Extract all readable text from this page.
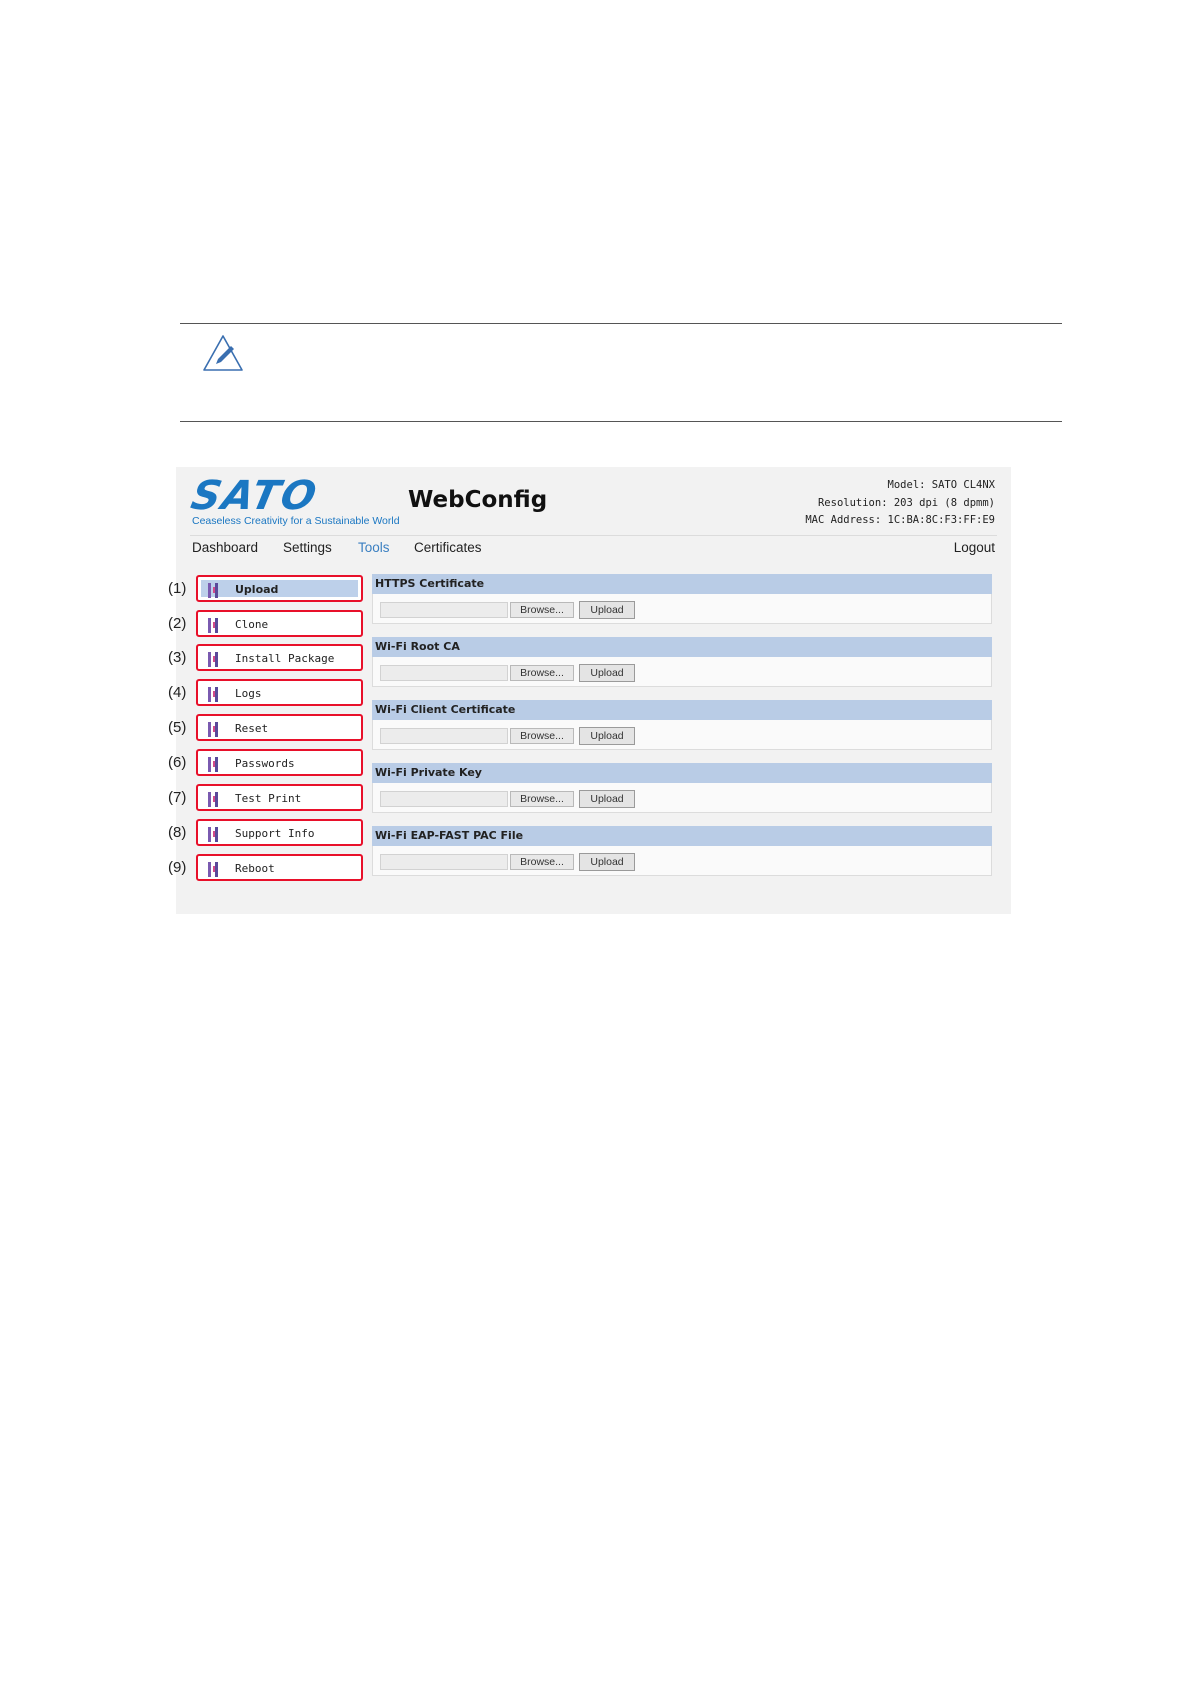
SATO
Ceaseless Creativity for a Sustainable World
WebConfig
Model: SATO CL4NX
Resolution: 203 dpi (8 dpmm)
MAC Address: 1C:BA:8C:F3:FF:E9
Dashboard Settings Tools Certificates	Logout
(1)	Upload
(2)	Clone
(3)	Install Package
(4)	Logs
(5)	Reset
(6)	Passwords
(7)	Test Print
(8)	Support Info
(9)	Reboot
HTTPS Certificate
Browse...	Upload
Wi-Fi Root CA
Browse...	Upload
Wi-Fi Client Certificate
Browse...	Upload
Wi-Fi Private Key
Browse...	Upload
Wi-Fi EAP-FAST PAC File
Browse...	Upload
